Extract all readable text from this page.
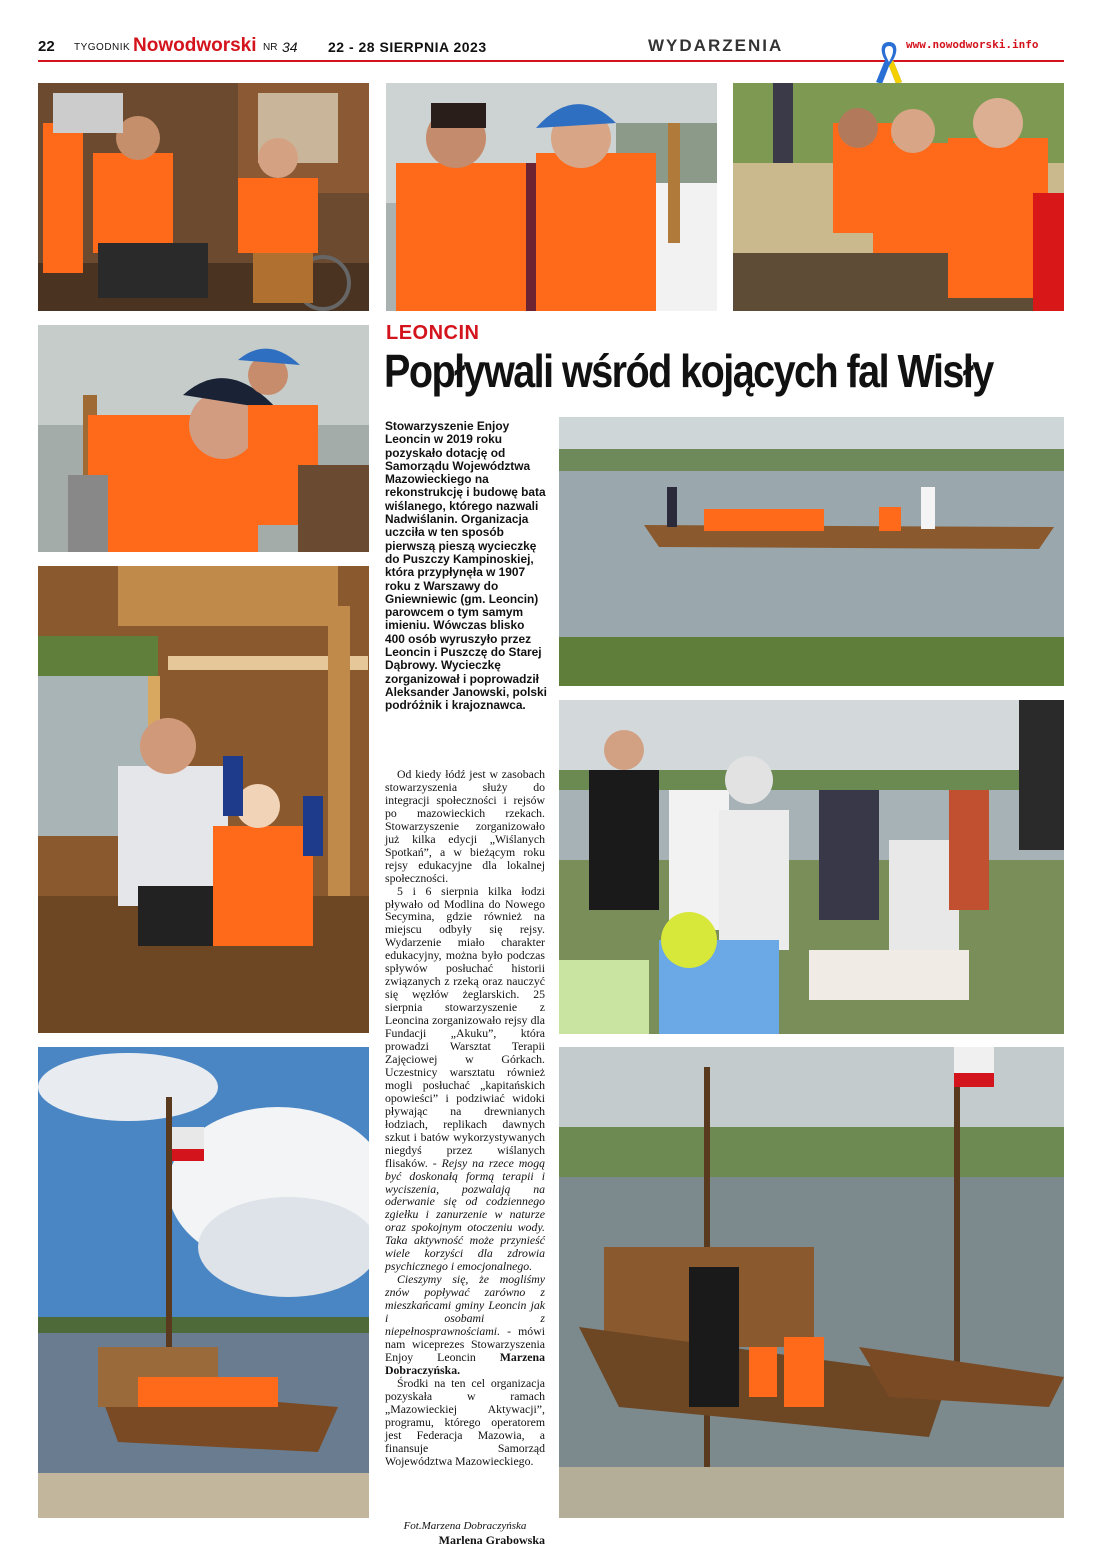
22 TYGODNIK Nowodworski NR 34 22 - 28 SIERPNIA 2023	WYDARZENIA	www.nowodworski.info
LEONCIN
Popływali wśród kojących fal Wisły
Stowarzyszenie Enjoy Leoncin w 2019 roku pozyskało dotację od Samorządu Województwa Mazowieckiego na rekonstrukcję i budowę bata wiślanego, którego nazwali Nadwiślanin. Organizacja uczciła w ten sposób pierwszą pieszą wycieczkę do Puszczy Kampinoskiej, która przypłynęła w 1907 roku z Warszawy do Gniewniewic (gm. Leoncin) parowcem o tym samym imieniu. Wówczas blisko 400 osób wyruszyło przez Leoncin i Puszczę do Starej Dąbrowy. Wycieczkę zorganizował i poprowadził Aleksander Janowski, polski podróżnik i krajoznawca.

Od kiedy łódź jest w zasobach stowarzyszenia służy do integracji społeczności i rejsów po mazowieckich rzekach. Stowarzyszenie zorganizowało już kilka edycji „Wiślanych Spotkań”, a w bieżącym roku rejsy edukacyjne dla lokalnej społeczności.

5 i 6 sierpnia kilka łodzi pływało od Modlina do Nowego Secymina, gdzie również na miejscu odbyły się rejsy. Wydarzenie miało charakter edukacyjny, można było podczas spływów posłuchać historii związanych z rzeką oraz nauczyć się węzłów żeglarskich. 25 sierpnia stowarzyszenie z Leoncina zorganizowało rejsy dla Fundacji „Akuku”, która prowadzi Warsztat Terapii Zajęciowej w Górkach. Uczestnicy warsztatu również mogli posłuchać „kapitańskich opowieści” i podziwiać widoki pływając na drewnianych łodziach, replikach dawnych szkut i batów wykorzystywanych niegdyś przez wiślanych flisaków. - Rejsy na rzece mogą być doskonałą formą terapii i wyciszenia, pozwalają na oderwanie się od codziennego zgiełku i zanurzenie w naturze oraz spokojnym otoczeniu wody. Taka aktywność może przynieść wiele korzyści dla zdrowia psychicznego i emocjonalnego.

Cieszymy się, że mogliśmy znów popływać zarówno z mieszkańcami gminy Leoncin jak i osobami z niepełnosprawnościami. - mówi nam wiceprezes Stowarzyszenia Enjoy Leoncin Marzena Dobraczyńska.

Środki na ten cel organizacja pozyskała w ramach „Mazowieckiej Aktywacji”, programu, którego operatorem jest Federacja Mazowia, a finansuje Samorząd Województwa Mazowieckiego.

Fot.Marzena Dobraczyńska
Marlena Grabowska
